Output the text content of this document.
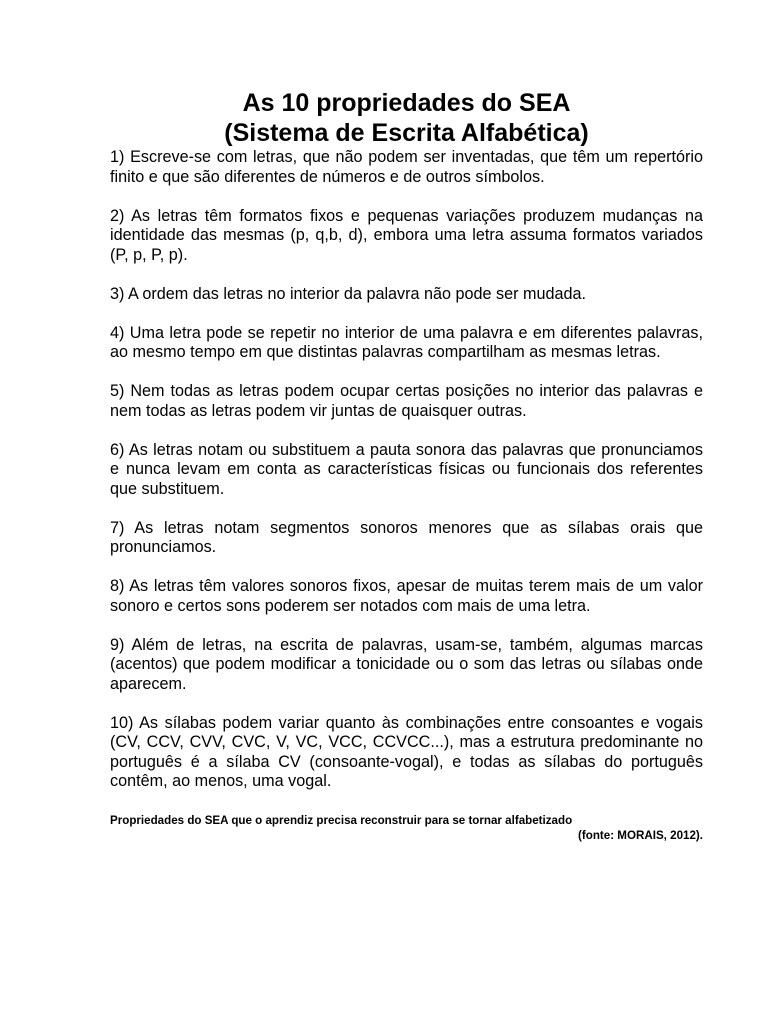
As 10 propriedades do SEA
(Sistema de Escrita Alfabética)

1) Escreve-se com letras, que não podem ser inventadas, que têm um repertório finito e que são diferentes de números e de outros símbolos.

2) As letras têm formatos fixos e pequenas variações produzem mudanças na identidade das mesmas (p, q,b, d), embora uma letra assuma formatos variados (P, p, P, p).

3) A ordem das letras no interior da palavra não pode ser mudada.

4) Uma letra pode se repetir no interior de uma palavra e em diferentes palavras, ao mesmo tempo em que distintas palavras compartilham as mesmas letras.

5) Nem todas as letras podem ocupar certas posições no interior das palavras e nem todas as letras podem vir juntas de quaisquer outras.

6) As letras notam ou substituem a pauta sonora das palavras que pronunciamos e nunca levam em conta as características físicas ou funcionais dos referentes que substituem.

7) As letras notam segmentos sonoros menores que as sílabas orais que pronunciamos.

8) As letras têm valores sonoros fixos, apesar de muitas terem mais de um valor sonoro e certos sons poderem ser notados com mais de uma letra.

9) Além de letras, na escrita de palavras, usam-se, também, algumas marcas (acentos) que podem modificar a tonicidade ou o som das letras ou sílabas onde aparecem.

10) As sílabas podem variar quanto às combinações entre consoantes e vogais (CV, CCV, CVV, CVC, V, VC, VCC, CCVCC...), mas a estrutura predominante no português é a sílaba CV (consoante-vogal), e todas as sílabas do português contêm, ao menos, uma vogal.

Propriedades do SEA que o aprendiz precisa reconstruir para se tornar alfabetizado
(fonte: MORAIS, 2012).
